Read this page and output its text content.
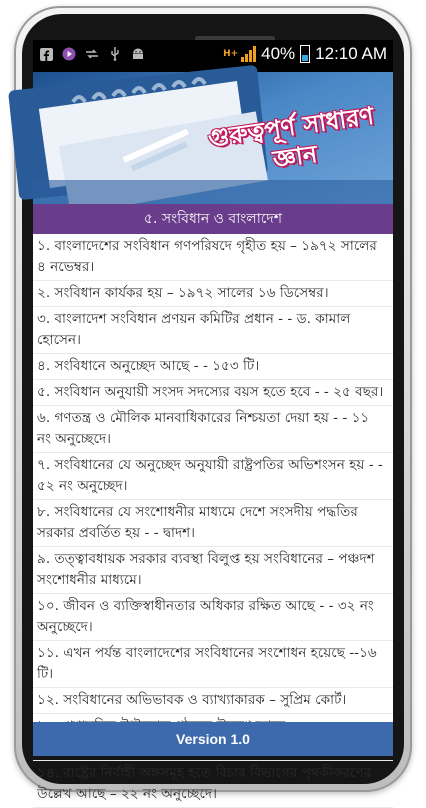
H+ 40% 12:10 AM
গুরুত্বপূর্ণ সাধারণ জ্ঞান
৫. সংবিধান ও বাংলাদেশ

১. বাংলাদেশের সংবিধান গণপরিষদে গৃহীত হয় – ১৯৭২ সালের ৪ নভেম্বর।

২. সংবিধান কার্যকর হয় – ১৯৭২ সালের ১৬ ডিসেম্বর।

৩. বাংলাদেশ সংবিধান প্রণয়ন কমিটির প্রধান - - ড. কামাল হোসেন।

৪. সংবিধানে অনুচ্ছেদ আছে - - ১৫৩ টি।

৫. সংবিধান অনুযায়ী সংসদ সদস্যের বয়স হতে হবে - - ২৫ বছর।

৬. গণতন্ত্র ও মৌলিক মানবাধিকারের নিশ্চয়তা দেয়া হয় - - ১১ নং অনুচ্ছেদে।

৭. সংবিধানের যে অনুচ্ছেদ অনুযায়ী রাষ্ট্রপতির অভিশংসন হয় - - ৫২ নং অনুচ্ছেদ।

৮. সংবিধানের যে সংশোধনীর মাধ্যমে দেশে সংসদীয় পদ্ধতির সরকার প্রবর্তিত হয় - - দ্বাদশ।

৯. তত্ত্বাবধায়ক সরকার ব্যবস্থা বিলুপ্ত হয় সংবিধানের – পঞ্চদশ সংশোধনীর মাধ্যমে।

১০. জীবন ও ব্যক্তিস্বাধীনতার অধিকার রক্ষিত আছে - - ৩২ নং অনুচ্ছেদে।

১১. এখন পর্যন্ত বাংলাদেশের সংবিধানের সংশোধন হয়েছে --১৬ টি।

১২. সংবিধানের অভিভাবক ও ব্যাখ্যাকারক – সুপ্রিম কোর্ট।

১৪. রাষ্ট্রের নির্বাহী অঙ্গসমূহ হতে বিচার বিভাগের পৃথকীকরণের উল্লেখ আছে – ২২ নং অনুচ্ছেদে।

Version 1.0
